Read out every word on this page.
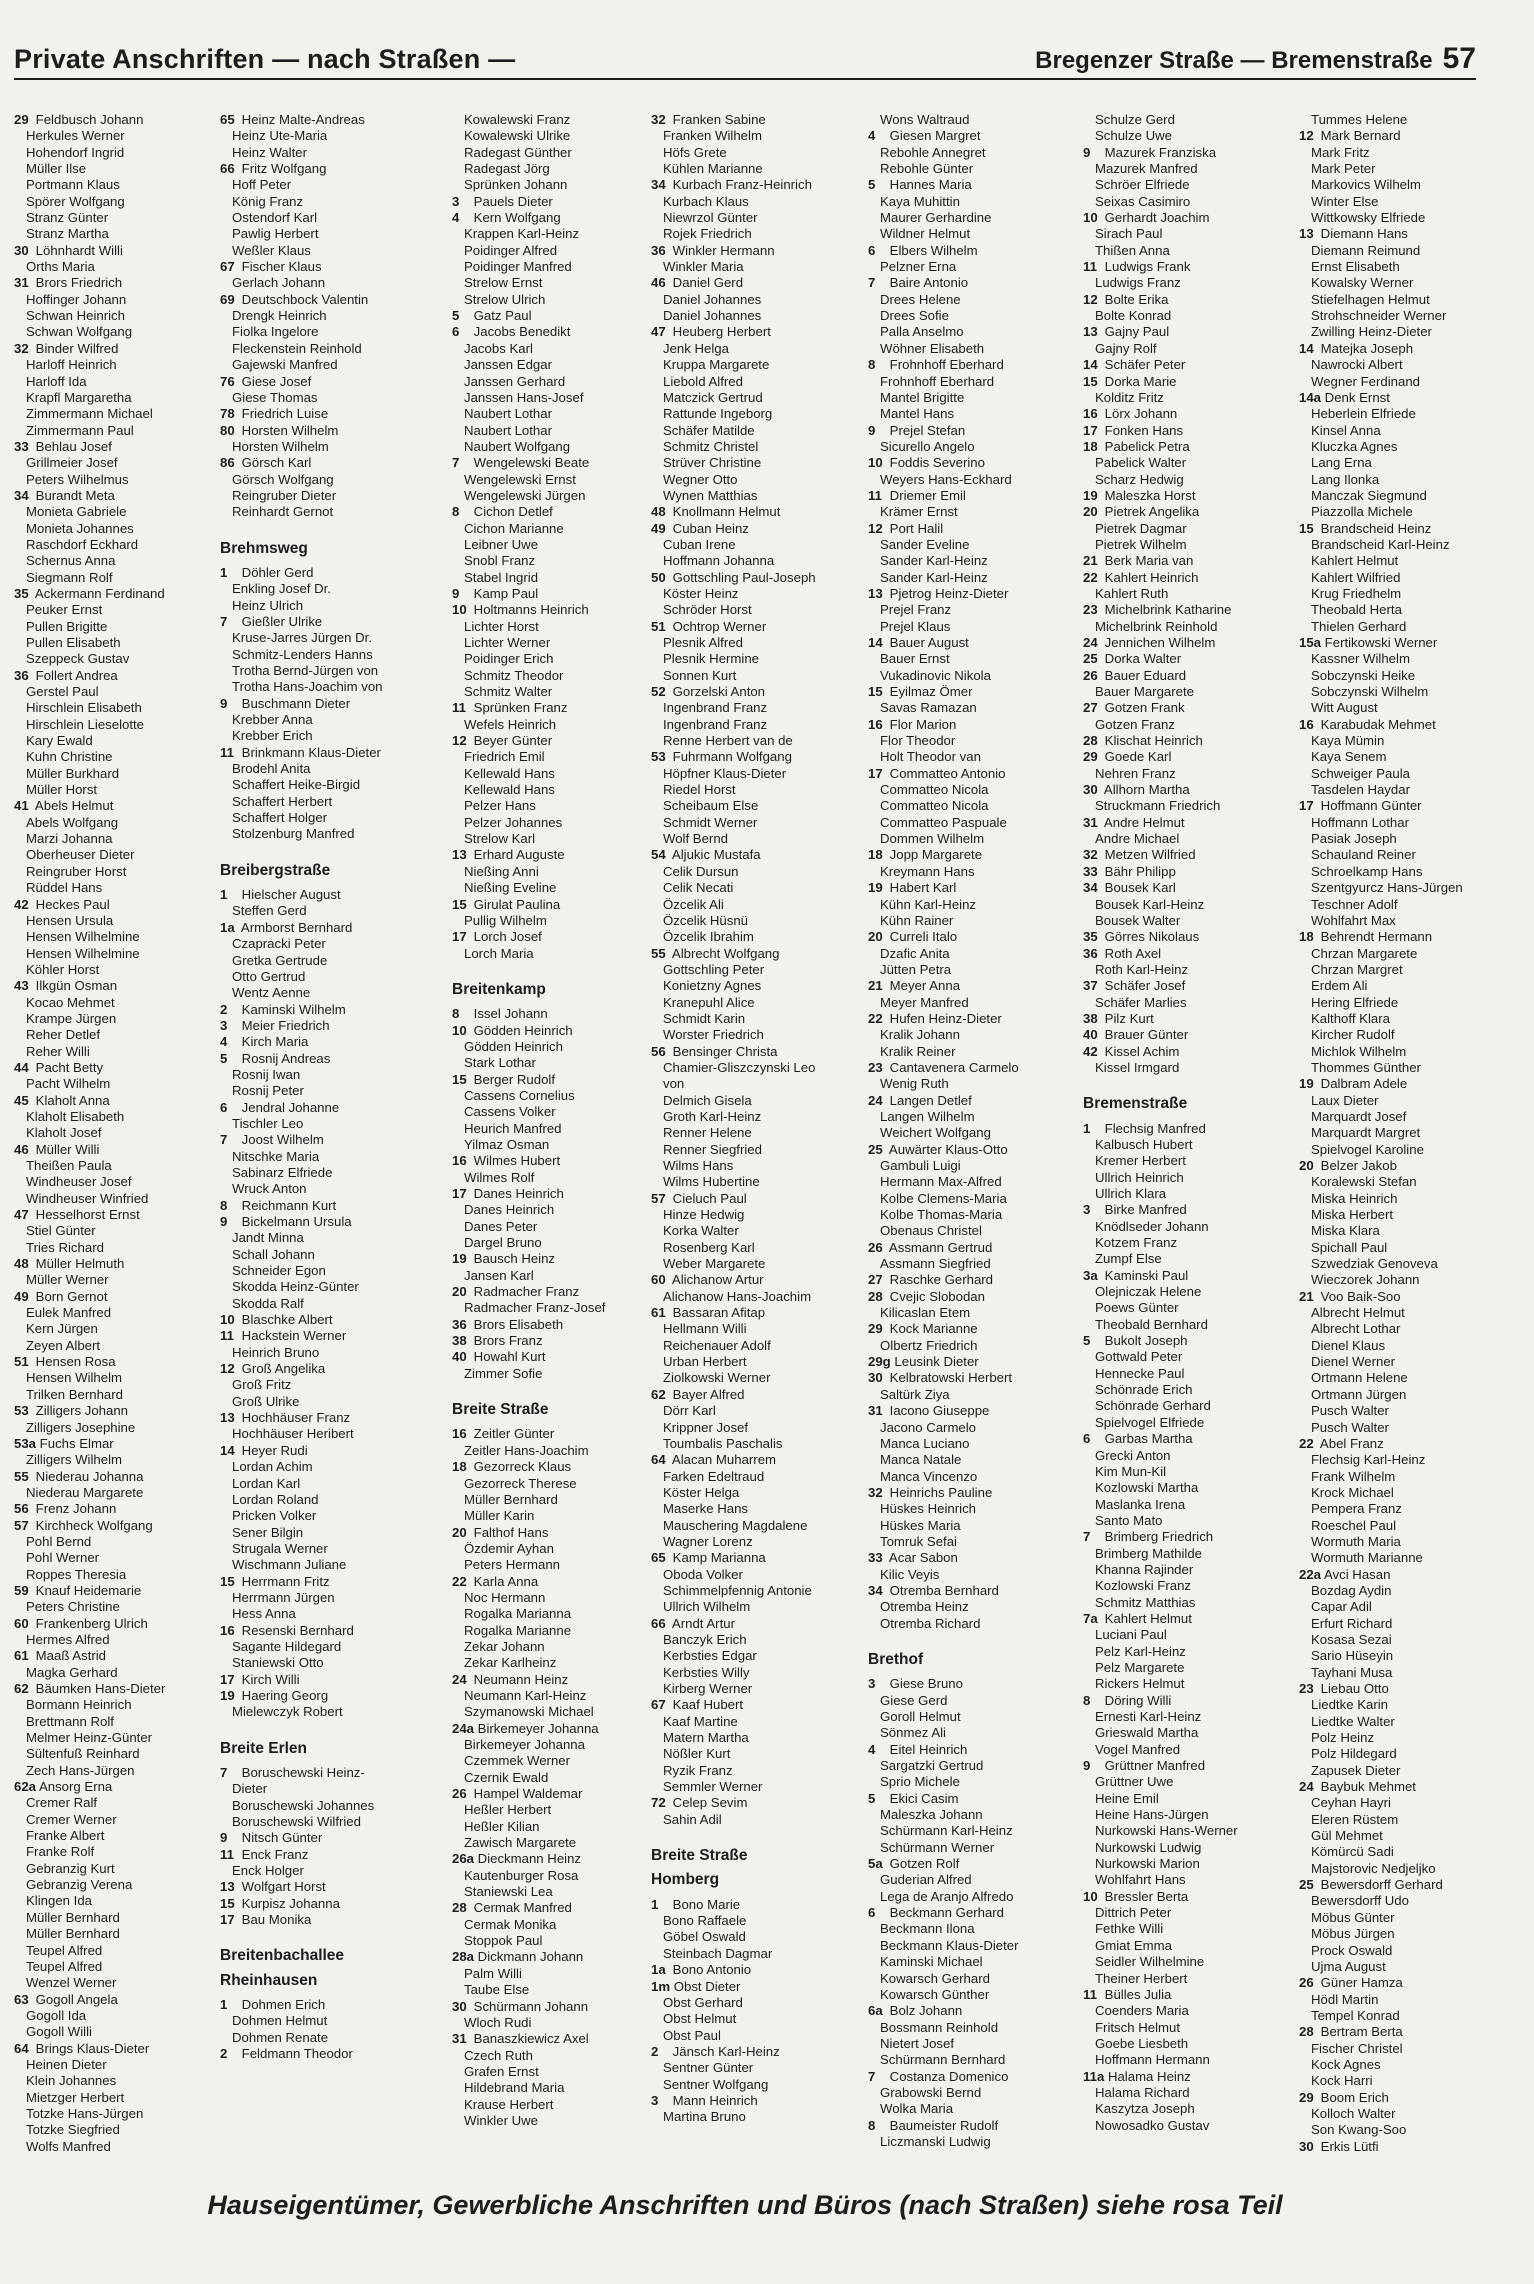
Private Anschriften — nach Straßen —	Bregenzer Straße — Bremenstraße 57
29 Feldbusch Johann
Herkules Werner
Hohendorf Ingrid
Müller Ilse
Portmann Klaus
Spörer Wolfgang
Stranz Günter
Stranz Martha
30 Löhnhardt Willi
Orths Maria
31 Brors Friedrich
Hoffinger Johann
Schwan Heinrich
Schwan Wolfgang
32 Binder Wilfred
Harloff Heinrich
Harloff Ida
Krapfl Margaretha
Zimmermann Michael
Zimmermann Paul
33 Behlau Josef
Grillmeier Josef
Peters Wilhelmus
34 Burandt Meta
Monieta Gabriele
Monieta Johannes
Raschdorf Eckhard
Schernus Anna
Siegmann Rolf
35 Ackermann Ferdinand
Peuker Ernst
Pullen Brigitte
Pullen Elisabeth
Szeppeck Gustav
36 Follert Andrea
Gerstel Paul
Hirschlein Elisabeth
Hirschlein Lieselotte
Kary Ewald
Kuhn Christine
Müller Burkhard
Müller Horst
41 Abels Helmut
Abels Wolfgang
Marzi Johanna
Oberheuser Dieter
Reingruber Horst
Rüddel Hans
42 Heckes Paul
Hensen Ursula
Hensen Wilhelmine
Hensen Wilhelmine
Köhler Horst
43 Ilkgün Osman
Kocao Mehmet
Krampe Jürgen
Reher Detlef
Reher Willi
44 Pacht Betty
Pacht Wilhelm
45 Klaholt Anna
Klaholt Elisabeth
Klaholt Josef
46 Müller Willi
Theißen Paula
Windheuser Josef
Windheuser Winfried
47 Hesselhorst Ernst
Stiel Günter
Tries Richard
48 Müller Helmuth
Müller Werner
49 Born Gernot
Eulek Manfred
Kern Jürgen
Zeyen Albert
51 Hensen Rosa
Hensen Wilhelm
Trilken Bernhard
53 Zilligers Johann
Zilligers Josephine
53a Fuchs Elmar
Zilligers Wilhelm
55 Niederau Johanna
Niederau Margarete
56 Frenz Johann
57 Kirchheck Wolfgang
Pohl Bernd
Pohl Werner
Roppes Theresia
59 Knauf Heidemarie
Peters Christine
60 Frankenberg Ulrich
Hermes Alfred
61 Maaß Astrid
Magka Gerhard
62 Bäumken Hans-Dieter
Bormann Heinrich
Brettmann Rolf
Melmer Heinz-Günter
Sültenfuß Reinhard
Zech Hans-Jürgen
62a Ansorg Erna
Cremer Ralf
Cremer Werner
Franke Albert
Franke Rolf
Gebranzig Kurt
Gebranzig Verena
Klingen Ida
Müller Bernhard
Müller Bernhard
Teupel Alfred
Teupel Alfred
Wenzel Werner
63 Gogoll Angela
Gogoll Ida
Gogoll Willi
64 Brings Klaus-Dieter
Heinen Dieter
Klein Johannes
Mietzger Herbert
Totzke Hans-Jürgen
Totzke Siegfried
Wolfs Manfred
65 Heinz Malte-Andreas
Heinz Ute-Maria
Heinz Walter
66 Fritz Wolfgang
Hoff Peter
König Franz
Ostendorf Karl
Pawlig Herbert
Weßler Klaus
67 Fischer Klaus
Gerlach Johann
69 Deutschbock Valentin
Drengk Heinrich
Fiolka Ingelore
Fleckenstein Reinhold
Gajewski Manfred
76 Giese Josef
Giese Thomas
78 Friedrich Luise
80 Horsten Wilhelm
Horsten Wilhelm
86 Görsch Karl
Görsch Wolfgang
Reingruber Dieter
Reinhardt Gernot
Brehmsweg
1 Döhler Gerd
Enkling Josef Dr.
Heinz Ulrich
7 Gießler Ulrike
Kruse-Jarres Jürgen Dr.
Schmitz-Lenders Hanns
Trotha Bernd-Jürgen von
Trotha Hans-Joachim von
9 Buschmann Dieter
Krebber Anna
Krebber Erich
11 Brinkmann Klaus-Dieter
Brodehl Anita
Schaffert Heike-Birgid
Schaffert Herbert
Schaffert Holger
Stolzenburg Manfred
Breibergstraße
1 Hielscher August
Steffen Gerd
1a Armborst Bernhard
Czapracki Peter
Gretka Gertrude
Otto Gertrud
Wentz Aenne
2 Kaminski Wilhelm
3 Meier Friedrich
4 Kirch Maria
5 Rosnij Andreas
Rosnij Iwan
Rosnij Peter
6 Jendral Johanne
Tischler Leo
7 Joost Wilhelm
Nitschke Maria
Sabinarz Elfriede
Wruck Anton
8 Reichmann Kurt
9 Bickelmann Ursula
Jandt Minna
Schall Johann
Schneider Egon
Skodda Heinz-Günter
Skodda Ralf
10 Blaschke Albert
11 Hackstein Werner
Heinrich Bruno
12 Groß Angelika
Groß Fritz
Groß Ulrike
13 Hochhäuser Franz
Hochhäuser Heribert
14 Heyer Rudi
Lordan Achim
Lordan Karl
Lordan Roland
Pricken Volker
Sener Bilgin
Strugala Werner
Wischmann Juliane
15 Herrmann Fritz
Herrmann Jürgen
Hess Anna
16 Resenski Bernhard
Sagante Hildegard
Staniewski Otto
17 Kirch Willi
19 Haering Georg
Mielewczyk Robert
Breite Erlen
7 Boruschewski Heinz-
Dieter
Boruschewski Johannes
Boruschewski Wilfried
9 Nitsch Günter
11 Enck Franz
Enck Holger
13 Wolfgart Horst
15 Kurpisz Johanna
17 Bau Monika
Breitenbachallee
Rheinhausen
1 Dohmen Erich
Dohmen Helmut
Dohmen Renate
2 Feldmann Theodor
Kowalewski Franz
Kowalewski Ulrike
Radegast Günther
Radegast Jörg
Sprünken Johann
3 Pauels Dieter
4 Kern Wolfgang
Krappen Karl-Heinz
Poidinger Alfred
Poidinger Manfred
Strelow Ernst
Strelow Ulrich
5 Gatz Paul
6 Jacobs Benedikt
Jacobs Karl
Janssen Edgar
Janssen Gerhard
Janssen Hans-Josef
Naubert Lothar
Naubert Lothar
Naubert Wolfgang
7 Wengelewski Beate
Wengelewski Ernst
Wengelewski Jürgen
8 Cichon Detlef
Cichon Marianne
Leibner Uwe
Snobl Franz
Stabel Ingrid
9 Kamp Paul
10 Holtmanns Heinrich
Lichter Horst
Lichter Werner
Poidinger Erich
Schmitz Theodor
Schmitz Walter
11 Sprünken Franz
Wefels Heinrich
12 Beyer Günter
Friedrich Emil
Kellewald Hans
Kellewald Hans
Pelzer Hans
Pelzer Johannes
Strelow Karl
13 Erhard Auguste
Nießing Anni
Nießing Eveline
15 Girulat Paulina
Pullig Wilhelm
17 Lorch Josef
Lorch Maria
Breitenkamp
8 Issel Johann
10 Gödden Heinrich
Gödden Heinrich
Stark Lothar
15 Berger Rudolf
Cassens Cornelius
Cassens Volker
Heurich Manfred
Yilmaz Osman
16 Wilmes Hubert
Wilmes Rolf
17 Danes Heinrich
Danes Heinrich
Danes Peter
Dargel Bruno
19 Bausch Heinz
Jansen Karl
20 Radmacher Franz
Radmacher Franz-Josef
36 Brors Elisabeth
38 Brors Franz
40 Howahl Kurt
Zimmer Sofie
Breite Straße
16 Zeitler Günter
Zeitler Hans-Joachim
18 Gezorreck Klaus
Gezorreck Therese
Müller Bernhard
Müller Karin
20 Falthof Hans
Özdemir Ayhan
Peters Hermann
22 Karla Anna
Noc Hermann
Rogalka Marianna
Rogalka Marianne
Zekar Johann
Zekar Karlheinz
24 Neumann Heinz
Neumann Karl-Heinz
Szymanowski Michael
24a Birkemeyer Johanna
Birkemeyer Johanna
Czemmek Werner
Czernik Ewald
26 Hampel Waldemar
Heßler Herbert
Heßler Kilian
Zawisch Margarete
26a Dieckmann Heinz
Kautenburger Rosa
Staniewski Lea
28 Cermak Manfred
Cermak Monika
Stoppok Paul
28a Dickmann Johann
Palm Willi
Taube Else
30 Schürmann Johann
Wloch Rudi
31 Banaszkiewicz Axel
Czech Ruth
Grafen Ernst
Hildebrand Maria
Krause Herbert
Winkler Uwe
32 Franken Sabine
Franken Wilhelm
Höfs Grete
Kühlen Marianne
34 Kurbach Franz-Heinrich
Kurbach Klaus
Niewrzol Günter
Rojek Friedrich
36 Winkler Hermann
Winkler Maria
46 Daniel Gerd
Daniel Johannes
Daniel Johannes
47 Heuberg Herbert
Jenk Helga
Kruppa Margarete
Liebold Alfred
Matczick Gertrud
Rattunde Ingeborg
Schäfer Matilde
Schmitz Christel
Strüver Christine
Wegner Otto
Wynen Matthias
48 Knollmann Helmut
49 Cuban Heinz
Cuban Irene
Hoffmann Johanna
50 Gottschling Paul-Joseph
Köster Heinz
Schröder Horst
51 Ochtrop Werner
Plesnik Alfred
Plesnik Hermine
Sonnen Kurt
52 Gorzelski Anton
Ingenbrand Franz
Ingenbrand Franz
Renne Herbert van de
53 Fuhrmann Wolfgang
Höpfner Klaus-Dieter
Riedel Horst
Scheibaum Else
Schmidt Werner
Wolf Bernd
54 Aljukic Mustafa
Celik Dursun
Celik Necati
Özcelik Ali
Özcelik Hüsnü
Özcelik Ibrahim
55 Albrecht Wolfgang
Gottschling Peter
Konietzny Agnes
Kranepuhl Alice
Schmidt Karin
Worster Friedrich
56 Bensinger Christa
Chamier-Gliszczynski Leo
von
Delmich Gisela
Groth Karl-Heinz
Renner Helene
Renner Siegfried
Wilms Hans
Wilms Hubertine
57 Cieluch Paul
Hinze Hedwig
Korka Walter
Rosenberg Karl
Weber Margarete
60 Alichanow Artur
Alichanow Hans-Joachim
61 Bassaran Afitap
Hellmann Willi
Reichenauer Adolf
Urban Herbert
Ziolkowski Werner
62 Bayer Alfred
Dörr Karl
Krippner Josef
Toumbalis Paschalis
64 Alacan Muharrem
Farken Edeltraud
Köster Helga
Maserke Hans
Mauschering Magdalene
Wagner Lorenz
65 Kamp Marianna
Oboda Volker
Schimmelpfennig Antonie
Ullrich Wilhelm
66 Arndt Artur
Banczyk Erich
Kerbsties Edgar
Kerbsties Willy
Kirberg Werner
67 Kaaf Hubert
Kaaf Martine
Matern Martha
Nößler Kurt
Ryzik Franz
Semmler Werner
72 Celep Sevim
Sahin Adil
Breite Straße
Homberg
1 Bono Marie
Bono Raffaele
Göbel Oswald
Steinbach Dagmar
1a Bono Antonio
1m Obst Dieter
Obst Gerhard
Obst Helmut
Obst Paul
2 Jänsch Karl-Heinz
Sentner Günter
Sentner Wolfgang
3 Mann Heinrich
Martina Bruno
Wons Waltraud
4 Giesen Margret
Rebohle Annegret
Rebohle Günter
5 Hannes Maria
Kaya Muhittin
Maurer Gerhardine
Wildner Helmut
6 Elbers Wilhelm
Pelzner Erna
7 Baire Antonio
Drees Helene
Drees Sofie
Palla Anselmo
Wöhner Elisabeth
8 Frohnhoff Eberhard
Frohnhoff Eberhard
Mantel Brigitte
Mantel Hans
9 Prejel Stefan
Sicurello Angelo
10 Foddis Severino
Weyers Hans-Eckhard
11 Driemer Emil
Krämer Ernst
12 Port Halil
Sander Eveline
Sander Karl-Heinz
Sander Karl-Heinz
13 Pjetrog Heinz-Dieter
Prejel Franz
Prejel Klaus
14 Bauer August
Bauer Ernst
Vukadinovic Nikola
15 Eyilmaz Ömer
Savas Ramazan
16 Flor Marion
Flor Theodor
Holt Theodor van
17 Commatteo Antonio
Commatteo Nicola
Commatteo Nicola
Commatteo Paspuale
Dommen Wilhelm
18 Jopp Margarete
Kreymann Hans
19 Habert Karl
Kühn Karl-Heinz
Kühn Rainer
20 Curreli Italo
Dzafic Anita
Jütten Petra
21 Meyer Anna
Meyer Manfred
22 Hufen Heinz-Dieter
Kralik Johann
Kralik Reiner
23 Cantavenera Carmelo
Wenig Ruth
24 Langen Detlef
Langen Wilhelm
Weichert Wolfgang
25 Auwärter Klaus-Otto
Gambuli Luigi
Hermann Max-Alfred
Kolbe Clemens-Maria
Kolbe Thomas-Maria
Obenaus Christel
26 Assmann Gertrud
Assmann Siegfried
27 Raschke Gerhard
28 Cvejic Slobodan
Kilicaslan Etem
29 Kock Marianne
Olbertz Friedrich
29g Leusink Dieter
30 Kelbratowski Herbert
Saltürk Ziya
31 Iacono Giuseppe
Jacono Carmelo
Manca Luciano
Manca Natale
Manca Vincenzo
32 Heinrichs Pauline
Hüskes Heinrich
Hüskes Maria
Tomruk Sefai
33 Acar Sabon
Kilic Veyis
34 Otremba Bernhard
Otremba Heinz
Otremba Richard
Brethof
3 Giese Bruno
Giese Gerd
Goroll Helmut
Sönmez Ali
4 Eitel Heinrich
Sargatzki Gertrud
Sprio Michele
5 Ekici Casim
Maleszka Johann
Schürmann Karl-Heinz
Schürmann Werner
5a Gotzen Rolf
Guderian Alfred
Lega de Aranjo Alfredo
6 Beckmann Gerhard
Beckmann Ilona
Beckmann Klaus-Dieter
Kaminski Michael
Kowarsch Gerhard
Kowarsch Günther
6a Bolz Johann
Bossmann Reinhold
Nietert Josef
Schürmann Bernhard
7 Costanza Domenico
Grabowski Bernd
Wolka Maria
8 Baumeister Rudolf
Liczmanski Ludwig
Schulze Gerd
Schulze Uwe
9 Mazurek Franziska
Mazurek Manfred
Schröer Elfriede
Seixas Casimiro
10 Gerhardt Joachim
Sirach Paul
Thißen Anna
11 Ludwigs Frank
Ludwigs Franz
12 Bolte Erika
Bolte Konrad
13 Gajny Paul
Gajny Rolf
14 Schäfer Peter
15 Dorka Marie
Kolditz Fritz
16 Lörx Johann
17 Fonken Hans
18 Pabelick Petra
Pabelick Walter
Scharz Hedwig
19 Maleszka Horst
20 Pietrek Angelika
Pietrek Dagmar
Pietrek Wilhelm
21 Berk Maria van
22 Kahlert Heinrich
Kahlert Ruth
23 Michelbrink Katharine
Michelbrink Reinhold
24 Jennichen Wilhelm
25 Dorka Walter
26 Bauer Eduard
Bauer Margarete
27 Gotzen Frank
Gotzen Franz
28 Klischat Heinrich
29 Goede Karl
Nehren Franz
30 Allhorn Martha
Struckmann Friedrich
31 Andre Helmut
Andre Michael
32 Metzen Wilfried
33 Bähr Philipp
34 Bousek Karl
Bousek Karl-Heinz
Bousek Walter
35 Görres Nikolaus
36 Roth Axel
Roth Karl-Heinz
37 Schäfer Josef
Schäfer Marlies
38 Pilz Kurt
40 Brauer Günter
42 Kissel Achim
Kissel Irmgard
Bremenstraße
1 Flechsig Manfred
Kalbusch Hubert
Kremer Herbert
Ullrich Heinrich
Ullrich Klara
3 Birke Manfred
Knödlseder Johann
Kotzem Franz
Zumpf Else
3a Kaminski Paul
Olejniczak Helene
Poews Günter
Theobald Bernhard
5 Bukolt Joseph
Gottwald Peter
Hennecke Paul
Schönrade Erich
Schönrade Gerhard
Spielvogel Elfriede
6 Garbas Martha
Grecki Anton
Kim Mun-Kil
Kozlowski Martha
Maslanka Irena
Santo Mato
7 Brimberg Friedrich
Brimberg Mathilde
Khanna Rajinder
Kozlowski Franz
Schmitz Matthias
7a Kahlert Helmut
Luciani Paul
Pelz Karl-Heinz
Pelz Margarete
Rickers Helmut
8 Döring Willi
Ernesti Karl-Heinz
Grieswald Martha
Vogel Manfred
9 Grüttner Manfred
Grüttner Uwe
Heine Emil
Heine Hans-Jürgen
Nurkowski Hans-Werner
Nurkowski Ludwig
Nurkowski Marion
Wohlfahrt Hans
10 Bressler Berta
Dittrich Peter
Fethke Willi
Gmiat Emma
Seidler Wilhelmine
Theiner Herbert
11 Bülles Julia
Coenders Maria
Fritsch Helmut
Goebe Liesbeth
Hoffmann Hermann
11a Halama Heinz
Halama Richard
Kaszytza Joseph
Nowosadko Gustav
Tummes Helene
12 Mark Bernard
Mark Fritz
Mark Peter
Markovics Wilhelm
Winter Else
Wittkowsky Elfriede
13 Diemann Hans
Diemann Reimund
Ernst Elisabeth
Kowalsky Werner
Stiefelhagen Helmut
Strohschneider Werner
Zwilling Heinz-Dieter
14 Matejka Joseph
Nawrocki Albert
Wegner Ferdinand
14a Denk Ernst
Heberlein Elfriede
Kinsel Anna
Kluczka Agnes
Lang Erna
Lang Ilonka
Manczak Siegmund
Piazzolla Michele
15 Brandscheid Heinz
Brandscheid Karl-Heinz
Kahlert Helmut
Kahlert Wilfried
Krug Friedhelm
Theobald Herta
Thielen Gerhard
15a Fertikowski Werner
Kassner Wilhelm
Sobczynski Heike
Sobczynski Wilhelm
Witt August
16 Karabudak Mehmet
Kaya Mümin
Kaya Senem
Schweiger Paula
Tasdelen Haydar
17 Hoffmann Günter
Hoffmann Lothar
Pasiak Joseph
Schauland Reiner
Schroelkamp Hans
Szentgyurcz Hans-Jürgen
Teschner Adolf
Wohlfahrt Max
18 Behrendt Hermann
Chrzan Margarete
Chrzan Margret
Erdem Ali
Hering Elfriede
Kalthoff Klara
Kircher Rudolf
Michlok Wilhelm
Thommes Günther
19 Dalbram Adele
Laux Dieter
Marquardt Josef
Marquardt Margret
Spielvogel Karoline
20 Belzer Jakob
Koralewski Stefan
Miska Heinrich
Miska Herbert
Miska Klara
Spichall Paul
Szwedziak Genoveva
Wieczorek Johann
21 Voo Baik-Soo
Albrecht Helmut
Albrecht Lothar
Dienel Klaus
Dienel Werner
Ortmann Helene
Ortmann Jürgen
Pusch Walter
Pusch Walter
22 Abel Franz
Flechsig Karl-Heinz
Frank Wilhelm
Krock Michael
Pempera Franz
Roeschel Paul
Wormuth Maria
Wormuth Marianne
22a Avci Hasan
Bozdag Aydin
Capar Adil
Erfurt Richard
Kosasa Sezai
Sario Hüseyin
Tayhani Musa
23 Liebau Otto
Liedtke Karin
Liedtke Walter
Polz Heinz
Polz Hildegard
Zapusek Dieter
24 Baybuk Mehmet
Ceyhan Hayri
Eleren Rüstem
Gül Mehmet
Kömürcü Sadi
Majstorovic Nedjeljko
25 Bewersdorff Gerhard
Bewersdorff Udo
Möbus Günter
Möbus Jürgen
Prock Oswald
Ujma August
26 Güner Hamza
Hödl Martin
Tempel Konrad
28 Bertram Berta
Fischer Christel
Kock Agnes
Kock Harri
29 Boom Erich
Kolloch Walter
Son Kwang-Soo
30 Erkis Lütfi
Hauseigentümer, Gewerbliche Anschriften und Büros (nach Straßen) siehe rosa Teil
